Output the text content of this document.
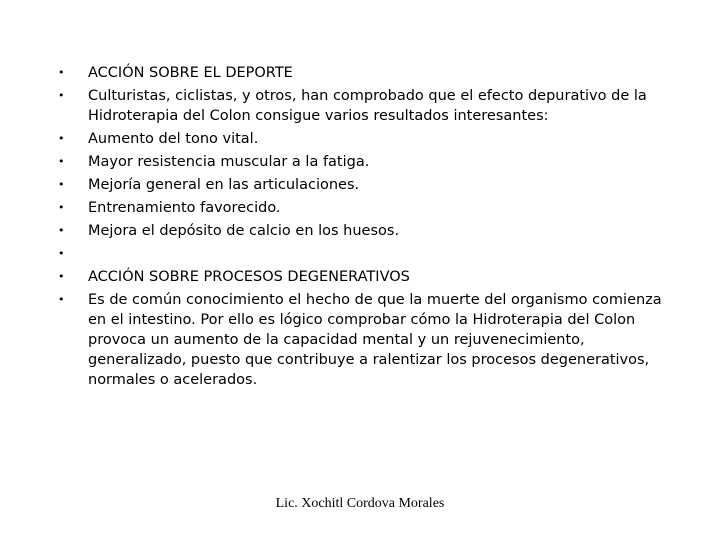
• ACCIÓN SOBRE EL DEPORTE
• Culturistas, ciclistas, y otros, han comprobado que el efecto depurativo de la Hidroterapia del Colon consigue varios resultados interesantes:
• Aumento del tono vital.
• Mayor resistencia muscular a la fatiga.
• Mejoría general en las articulaciones.
• Entrenamiento favorecido.
• Mejora el depósito de calcio en los huesos.
•
• ACCIÓN SOBRE PROCESOS DEGENERATIVOS
• Es de común conocimiento el hecho de que la muerte del organismo comienza en el intestino. Por ello es lógico comprobar cómo la Hidroterapia del Colon provoca un aumento de la capacidad mental y un rejuvenecimiento, generalizado, puesto que contribuye a ralentizar los procesos degenerativos, normales o acelerados.
Lic. Xochitl Cordova Morales
